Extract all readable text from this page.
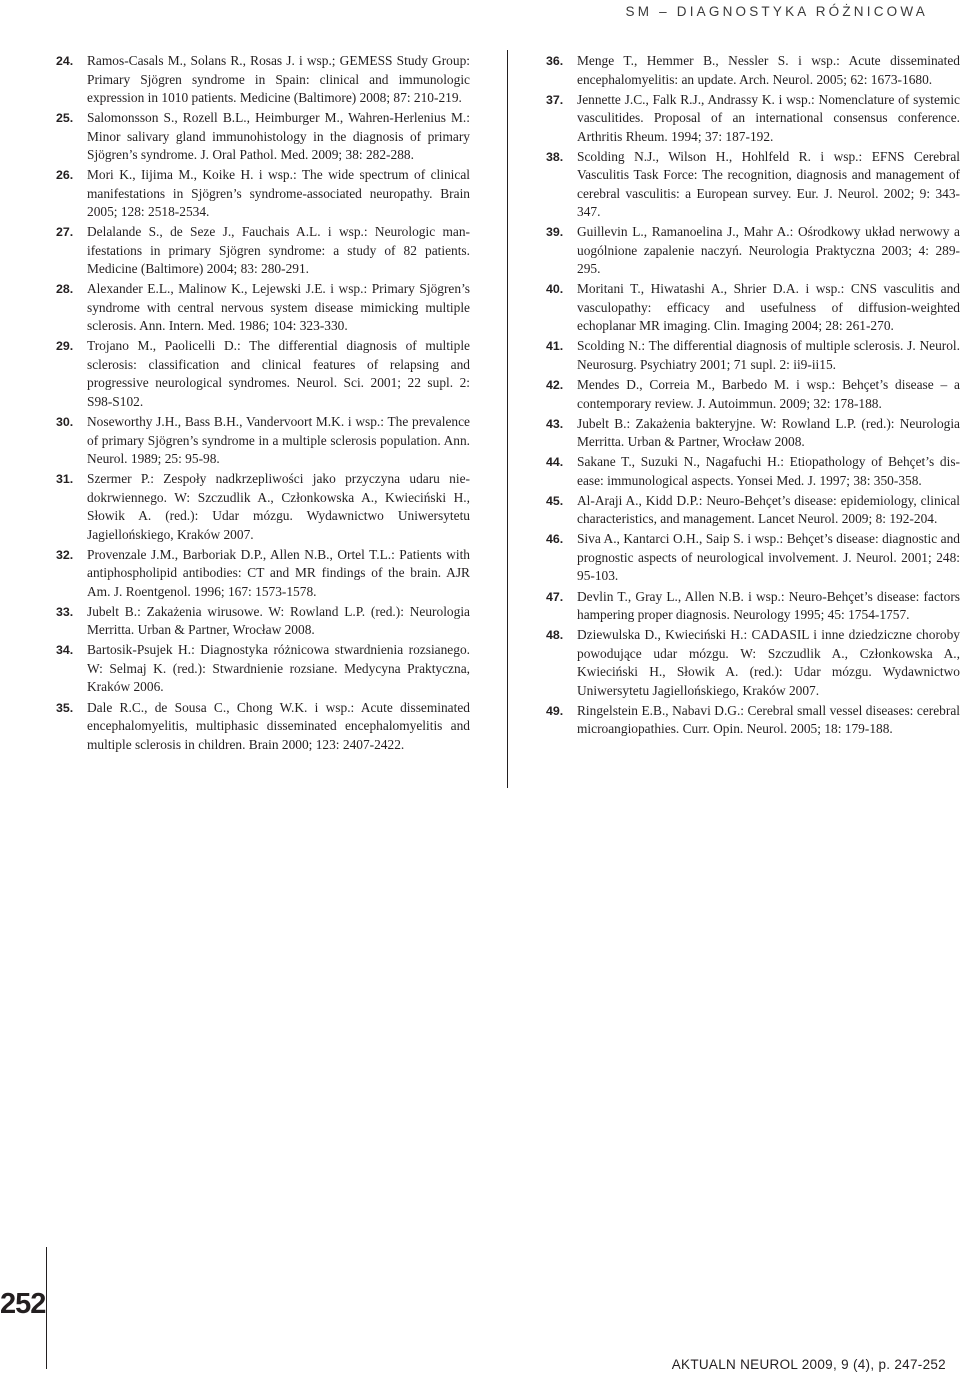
SM – DIAGNOSTYKA RÓŻNICOWA
24. Ramos-Casals M., Solans R., Rosas J. i wsp.; GEMESS Study Group: Primary Sjögren syndrome in Spain: clinical and immunologic expression in 1010 patients. Medicine (Baltimore) 2008; 87: 210-219.
25. Salomonsson S., Rozell B.L., Heimburger M., Wahren-Herlenius M.: Minor salivary gland immunohistology in the diagnosis of primary Sjögren’s syndrome. J. Oral Pathol. Med. 2009; 38: 282-288.
26. Mori K., Iijima M., Koike H. i wsp.: The wide spectrum of clinical manifestations in Sjögren’s syndrome-associated neuropathy. Brain 2005; 128: 2518-2534.
27. Delalande S., de Seze J., Fauchais A.L. i wsp.: Neurologic manifestations in primary Sjögren syndrome: a study of 82 patients. Medicine (Baltimore) 2004; 83: 280-291.
28. Alexander E.L., Malinow K., Lejewski J.E. i wsp.: Primary Sjögren’s syndrome with central nervous system disease mimicking multiple sclerosis. Ann. Intern. Med. 1986; 104: 323-330.
29. Trojano M., Paolicelli D.: The differential diagnosis of multiple sclerosis: classification and clinical features of relapsing and progressive neurological syndromes. Neurol. Sci. 2001; 22 supl. 2: S98-S102.
30. Noseworthy J.H., Bass B.H., Vandervoort M.K. i wsp.: The prevalence of primary Sjögren’s syndrome in a multiple sclerosis population. Ann. Neurol. 1989; 25: 95-98.
31. Szermer P.: Zespoły nadkrzepliwości jako przyczyna udaru niedokrwiennego. W: Szczudlik A., Członkowska A., Kwieciński H., Słowik A. (red.): Udar mózgu. Wydawnictwo Uniwersytetu Jagiellońskiego, Kraków 2007.
32. Provenzale J.M., Barboriak D.P., Allen N.B., Ortel T.L.: Patients with antiphospholipid antibodies: CT and MR findings of the brain. AJR Am. J. Roentgenol. 1996; 167: 1573-1578.
33. Jubelt B.: Zakażenia wirusowe. W: Rowland L.P. (red.): Neurologia Merritta. Urban & Partner, Wrocław 2008.
34. Bartosik-Psujek H.: Diagnostyka różnicowa stwardnienia rozsianego. W: Selmaj K. (red.): Stwardnienie rozsiane. Medycyna Praktyczna, Kraków 2006.
35. Dale R.C., de Sousa C., Chong W.K. i wsp.: Acute disseminated encephalomyelitis, multiphasic disseminated encephalomyelitis and multiple sclerosis in children. Brain 2000; 123: 2407-2422.
36. Menge T., Hemmer B., Nessler S. i wsp.: Acute disseminated encephalomyelitis: an update. Arch. Neurol. 2005; 62: 1673-1680.
37. Jennette J.C., Falk R.J., Andrassy K. i wsp.: Nomenclature of systemic vasculitides. Proposal of an international consensus conference. Arthritis Rheum. 1994; 37: 187-192.
38. Scolding N.J., Wilson H., Hohlfeld R. i wsp.: EFNS Cerebral Vasculitis Task Force: The recognition, diagnosis and management of cerebral vasculitis: a European survey. Eur. J. Neurol. 2002; 9: 343-347.
39. Guillevin L., Ramanoelina J., Mahr A.: Ośrodkowy układ nerwowy a uogólnione zapalenie naczyń. Neurologia Praktyczna 2003; 4: 289-295.
40. Moritani T., Hiwatashi A., Shrier D.A. i wsp.: CNS vasculitis and vasculopathy: efficacy and usefulness of diffusion-weighted echoplanar MR imaging. Clin. Imaging 2004; 28: 261-270.
41. Scolding N.: The differential diagnosis of multiple sclerosis. J. Neurol. Neurosurg. Psychiatry 2001; 71 supl. 2: ii9-ii15.
42. Mendes D., Correia M., Barbedo M. i wsp.: Behçet’s disease – a contemporary review. J. Autoimmun. 2009; 32: 178-188.
43. Jubelt B.: Zakażenia bakteryjne. W: Rowland L.P. (red.): Neurologia Merritta. Urban & Partner, Wrocław 2008.
44. Sakane T., Suzuki N., Nagafuchi H.: Etiopathology of Behçet’s disease: immunological aspects. Yonsei Med. J. 1997; 38: 350-358.
45. Al-Araji A., Kidd D.P.: Neuro-Behçet’s disease: epidemiology, clinical characteristics, and management. Lancet Neurol. 2009; 8: 192-204.
46. Siva A., Kantarci O.H., Saip S. i wsp.: Behçet’s disease: diagnostic and prognostic aspects of neurological involvement. J. Neurol. 2001; 248: 95-103.
47. Devlin T., Gray L., Allen N.B. i wsp.: Neuro-Behçet’s disease: factors hampering proper diagnosis. Neurology 1995; 45: 1754-1757.
48. Dziewulska D., Kwieciński H.: CADASIL i inne dziedziczne choroby powodujące udar mózgu. W: Szczudlik A., Członkowska A., Kwieciński H., Słowik A. (red.): Udar mózgu. Wydawnictwo Uniwersytetu Jagiellońskiego, Kraków 2007.
49. Ringelstein E.B., Nabavi D.G.: Cerebral small vessel diseases: cerebral microangiopathies. Curr. Opin. Neurol. 2005; 18: 179-188.
252
AKTUALN NEUROL 2009, 9 (4), p. 247-252
